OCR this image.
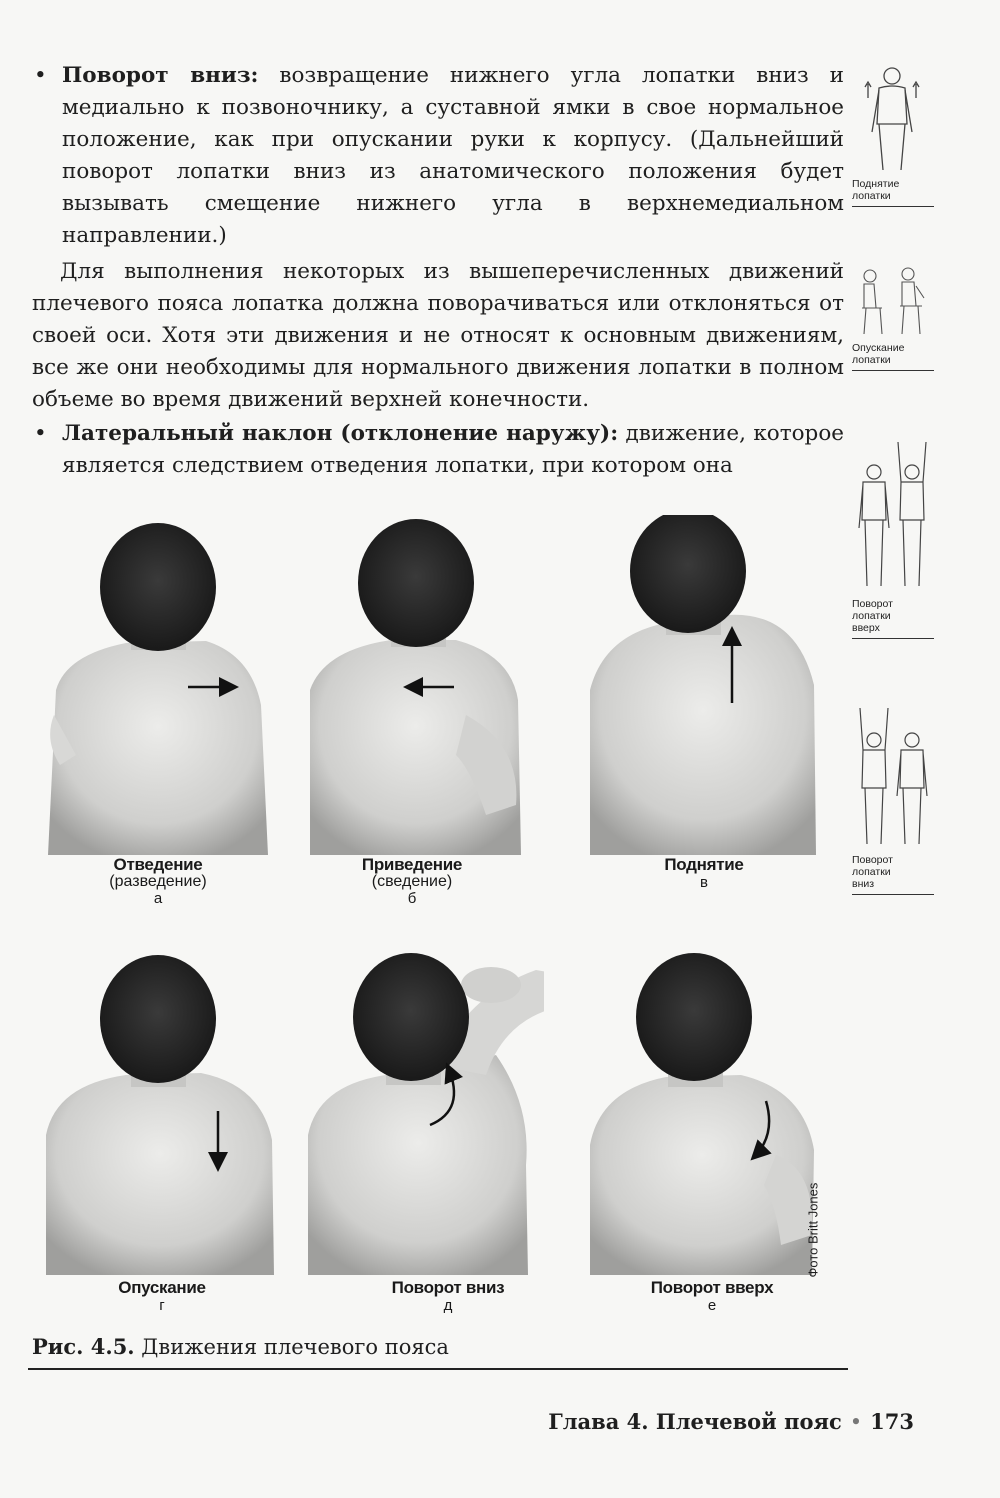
• Поворот вниз: возвращение нижнего угла лопатки вниз и медиально к позвоночнику, а суставной ямки в свое нормальное положение, как при опускании руки к корпусу. (Дальнейший поворот лопатки вниз из анатомического положения будет вызывать смещение нижнего угла в верхнемедиальном направлении.)

Для выполнения некоторых из вышеперечисленных движений плечевого пояса лопатка должна поворачиваться или отклоняться от своей оси. Хотя эти движения и не относят к основным движениям, все же они необходимы для нормального движения лопатки в полном объеме во время движений верхней конечности.

• Латеральный наклон (отклонение наружу): движение, которое является следствием отведения лопатки, при котором она

Поднятие
лопатки
Опускание
лопатки
Поворот
лопатки
вверх
Поворот
лопатки
вниз
Отведение
(разведение)
а
Приведение
(сведение)
б
Поднятие
в
Опускание
г
Поворот вниз
д
Поворот вверх
е
Фото Britt Jones
Рис. 4.5. Движения плечевого пояса
Глава 4. Плечевой пояс • 173
